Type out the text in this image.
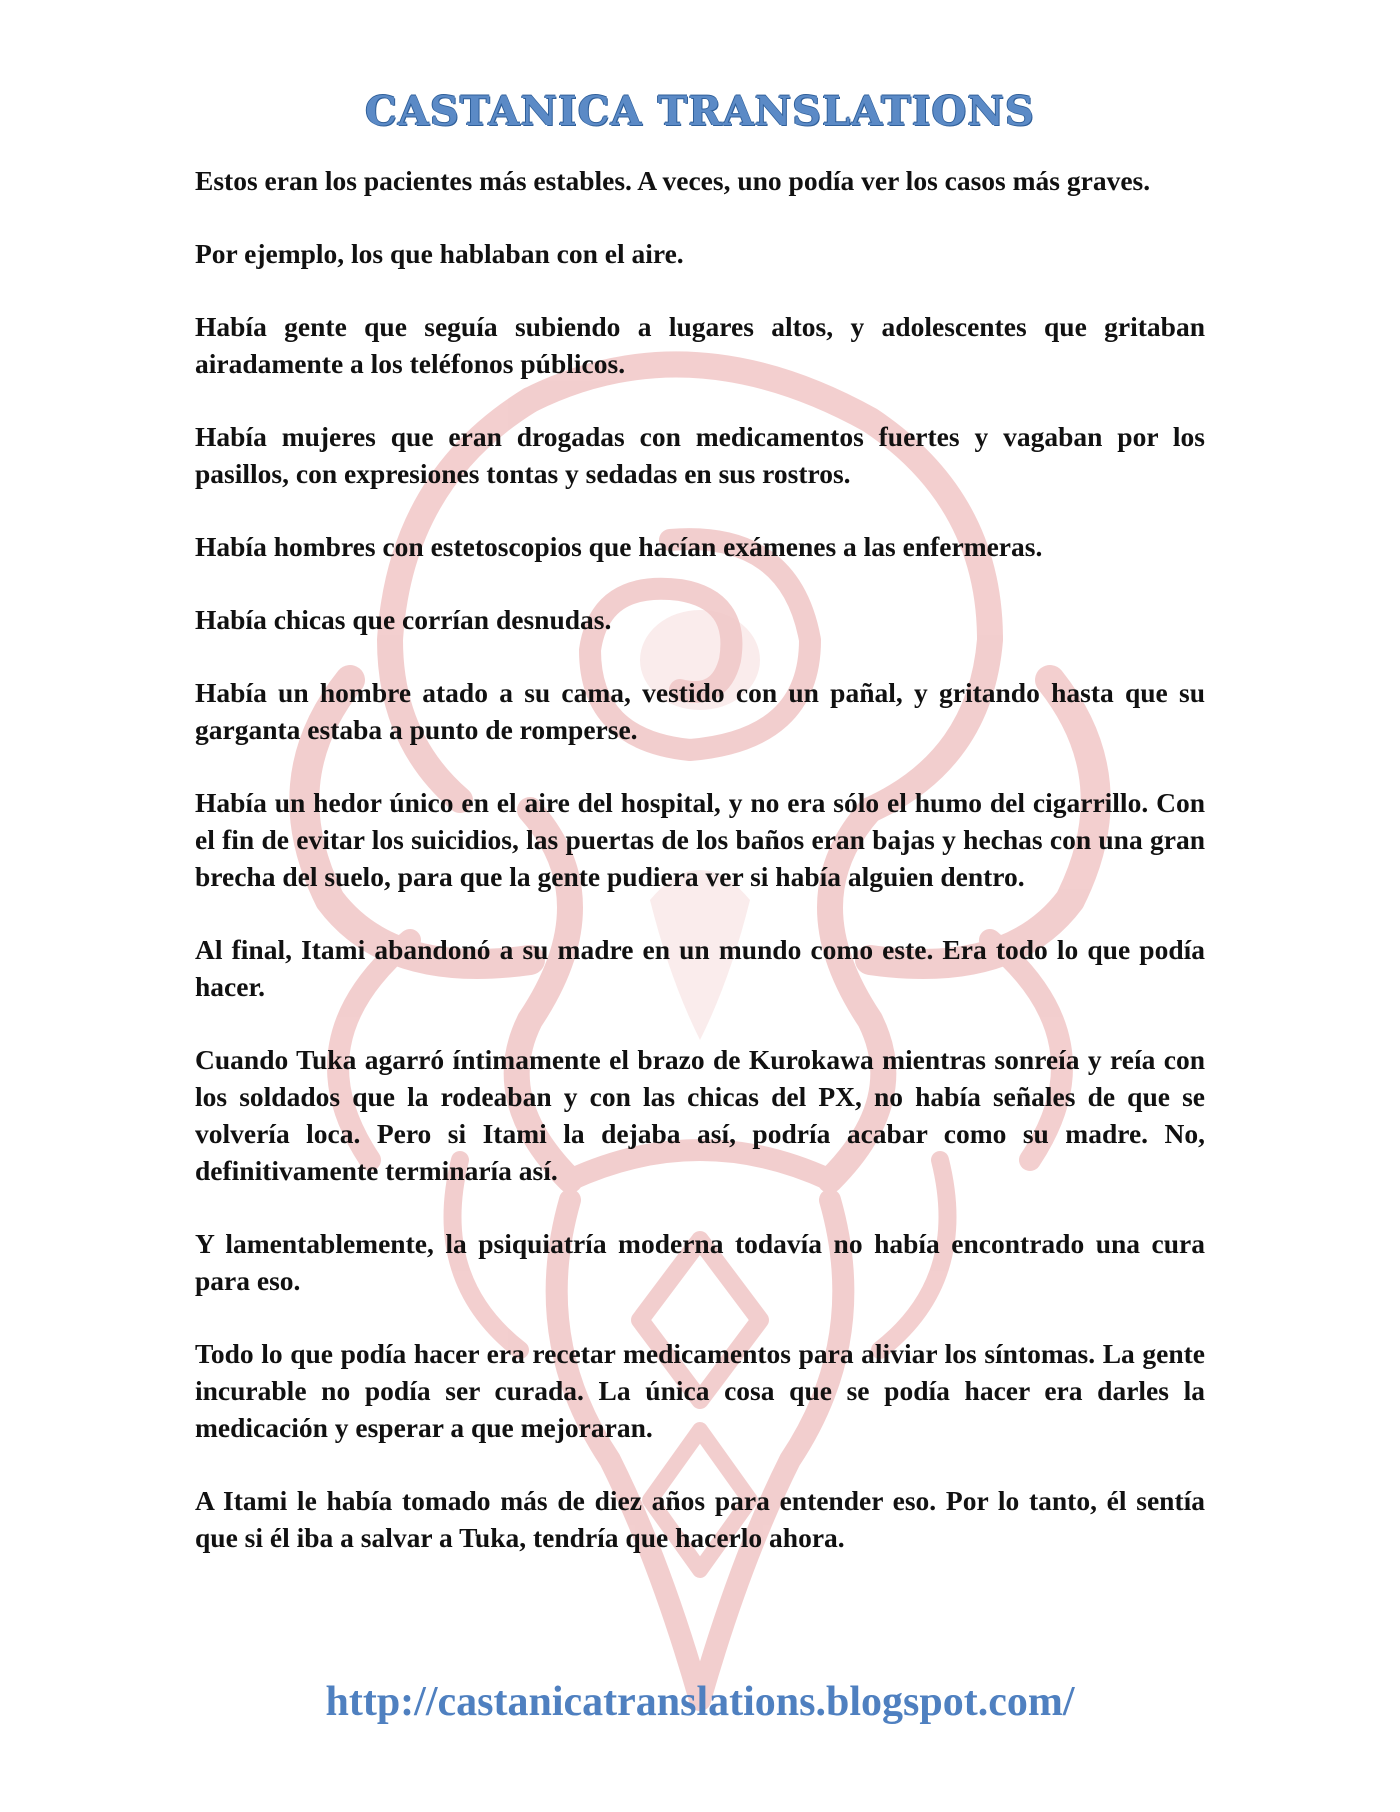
CASTANICA TRANSLATIONS

Estos eran los pacientes más estables. A veces, uno podía ver los casos más graves.

Por ejemplo, los que hablaban con el aire.

Había gente que seguía subiendo a lugares altos, y adolescentes que gritaban airadamente a los teléfonos públicos.

Había mujeres que eran drogadas con medicamentos fuertes y vagaban por los pasillos, con expresiones tontas y sedadas en sus rostros.

Había hombres con estetoscopios que hacían exámenes a las enfermeras.

Había chicas que corrían desnudas.

Había un hombre atado a su cama, vestido con un pañal, y gritando hasta que su garganta estaba a punto de romperse.

Había un hedor único en el aire del hospital, y no era sólo el humo del cigarrillo. Con el fin de evitar los suicidios, las puertas de los baños eran bajas y hechas con una gran brecha del suelo, para que la gente pudiera ver si había alguien dentro.

Al final, Itami abandonó a su madre en un mundo como este. Era todo lo que podía hacer.

Cuando Tuka agarró íntimamente el brazo de Kurokawa mientras sonreía y reía con los soldados que la rodeaban y con las chicas del PX, no había señales de que se volvería loca. Pero si Itami la dejaba así, podría acabar como su madre. No, definitivamente terminaría así.

Y lamentablemente, la psiquiatría moderna todavía no había encontrado una cura para eso.

Todo lo que podía hacer era recetar medicamentos para aliviar los síntomas. La gente incurable no podía ser curada. La única cosa que se podía hacer era darles la medicación y esperar a que mejoraran.

A Itami le había tomado más de diez años para entender eso. Por lo tanto, él sentía que si él iba a salvar a Tuka, tendría que hacerlo ahora.

http://castanicatranslations.blogspot.com/
